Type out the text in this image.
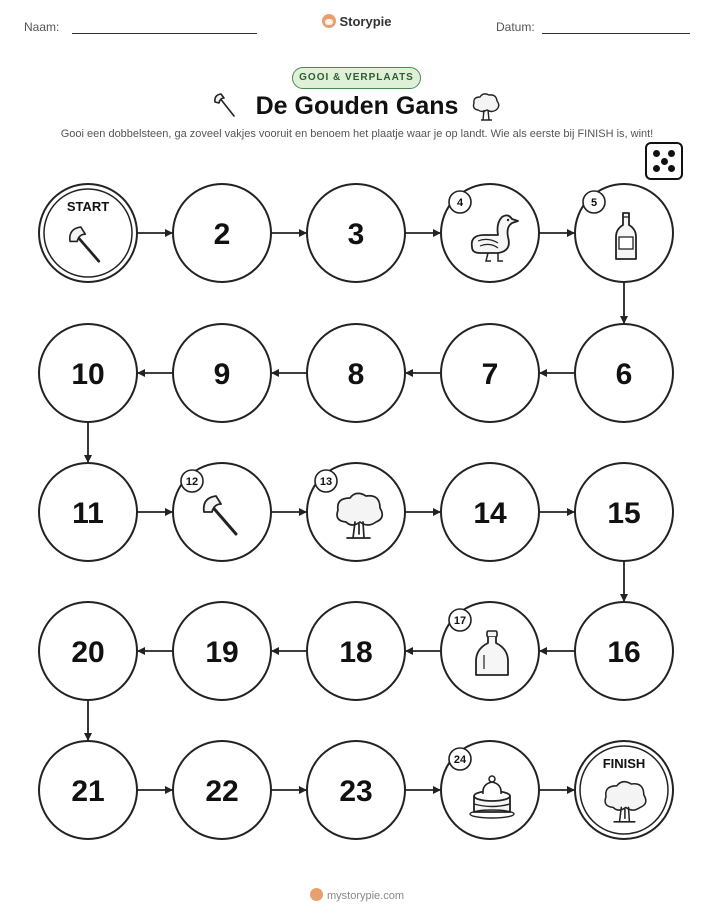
Naam:	Storypie	Datum:
GOOI & VERPLAATS
De Gouden Gans
Gooi een dobbelsteen, ga zoveel vakjes vooruit en benoem het plaatje waar je op landt. Wie als eerste bij FINISH is, wint!
START
2	3
4	5
6
7
8
9
10
11
12	13
14	15
16
17
18
19
20
21	22	23
24	FINISH
mystorypie.com
